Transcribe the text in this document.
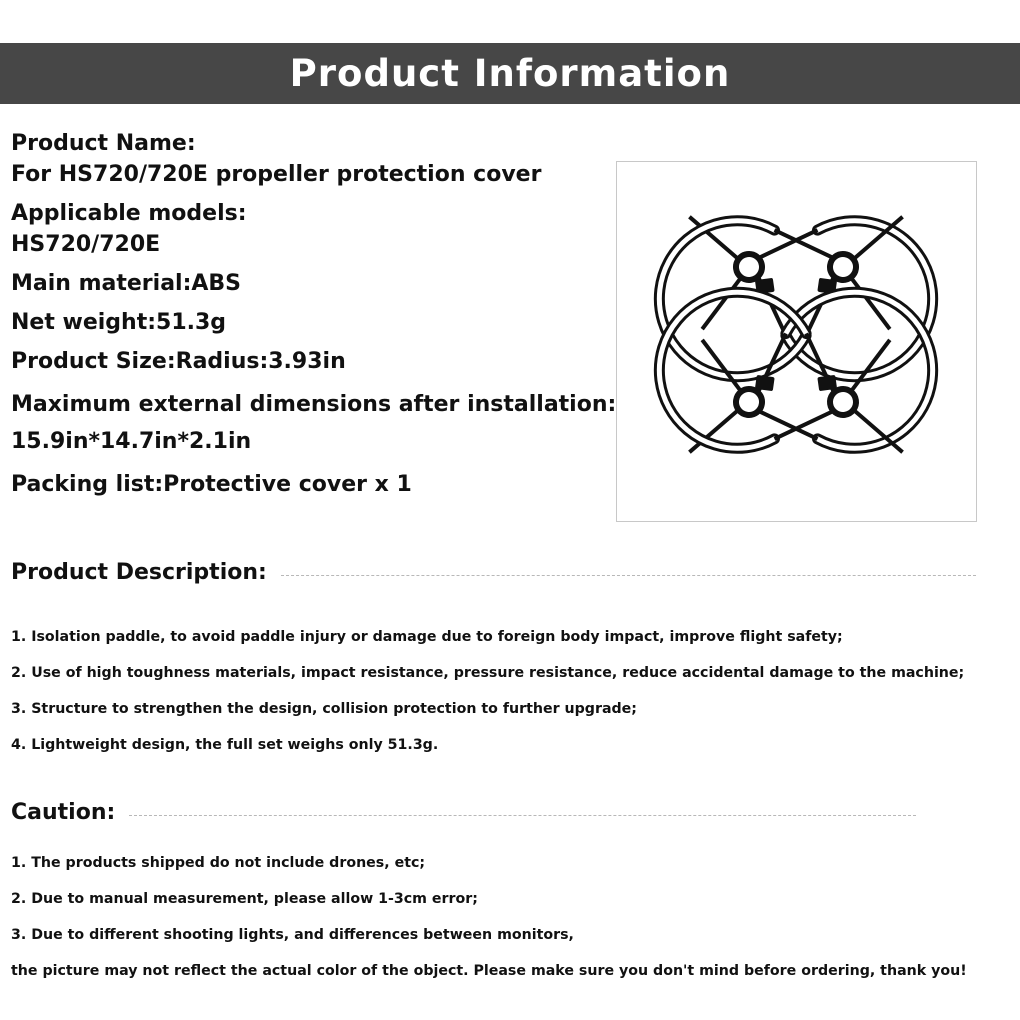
Product Information
Product Name:
For HS720/720E propeller protection cover
Applicable models:
HS720/720E
Main material:ABS
Net weight:51.3g
Product Size:Radius:3.93in
Maximum external dimensions after installation:
15.9in*14.7in*2.1in
Packing list:Protective cover x 1
Product Description:
1. Isolation paddle, to avoid paddle injury or damage due to foreign body impact, improve flight safety;
2. Use of high toughness materials, impact resistance, pressure resistance, reduce accidental damage to the machine;
3. Structure to strengthen the design, collision protection to further upgrade;
4. Lightweight design, the full set weighs only 51.3g.
Caution:
1. The products shipped do not include drones, etc;
2. Due to manual measurement, please allow 1-3cm error;
3. Due to different shooting lights, and differences between monitors,
the picture may not reflect the actual color of the object. Please make sure you don't mind before ordering, thank you!
